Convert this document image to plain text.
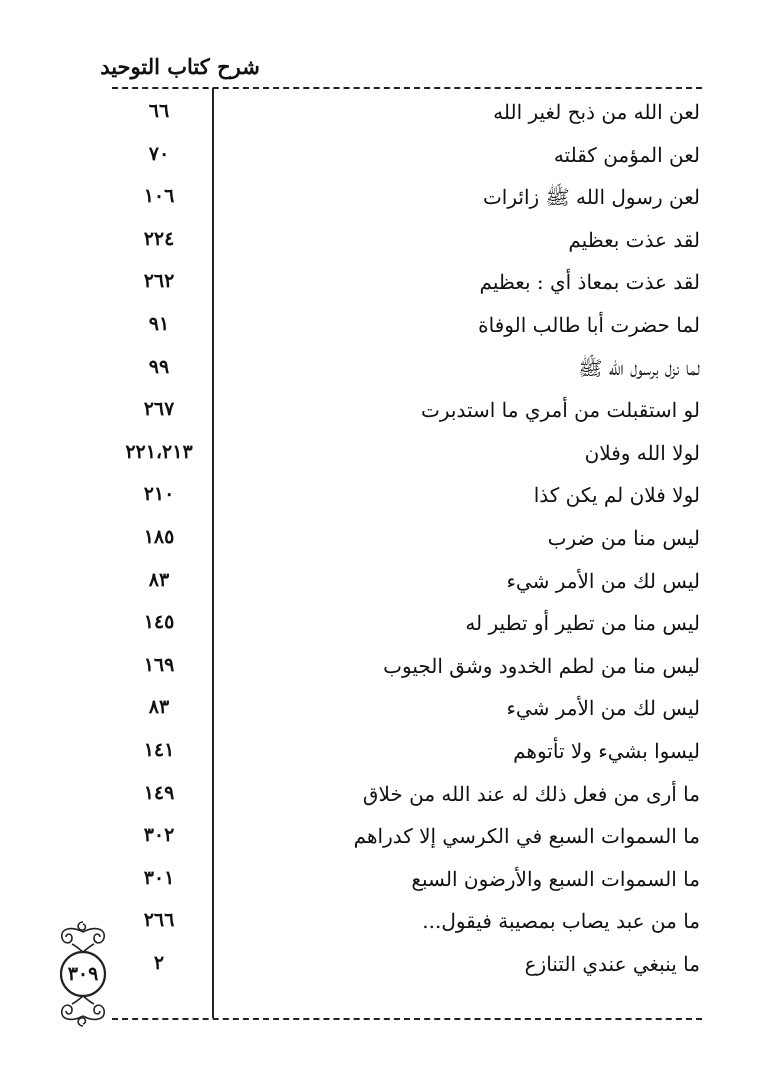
شرح كتاب التوحيد
لعن الله من ذبح لغير الله
٦٦
لعن المؤمن كقلته
٧٠
لعن رسول الله ﷺ زائرات
١٠٦
لقد عذت بعظيم
٢٢٤
لقد عذت بمعاذ أي : بعظيم
٢٦٢
لما حضرت أبا طالب الوفاة
٩١
لما نزل برسول الله ﷺ
٩٩
لو استقبلت من أمري ما استدبرت
٢٦٧
لولا الله وفلان
٢٢١،٢١٣
لولا فلان لم يكن كذا
٢١٠
ليس منا من ضرب
١٨٥
ليس لك من الأمر شيء
٨٣
ليس منا من تطير أو تطير له
١٤٥
ليس منا من لطم الخدود وشق الجيوب
١٦٩
ليس لك من الأمر شيء
٨٣
ليسوا بشيء ولا تأتوهم
١٤١
ما أرى من فعل ذلك له عند الله من خلاق
١٤٩
ما السموات السبع في الكرسي إلا كدراهم
٣٠٢
ما السموات السبع والأرضون السبع
٣٠١
ما من عبد يصاب بمصيبة فيقول...
٢٦٦
ما ينبغي عندي التنازع
٢
٣٠٩
